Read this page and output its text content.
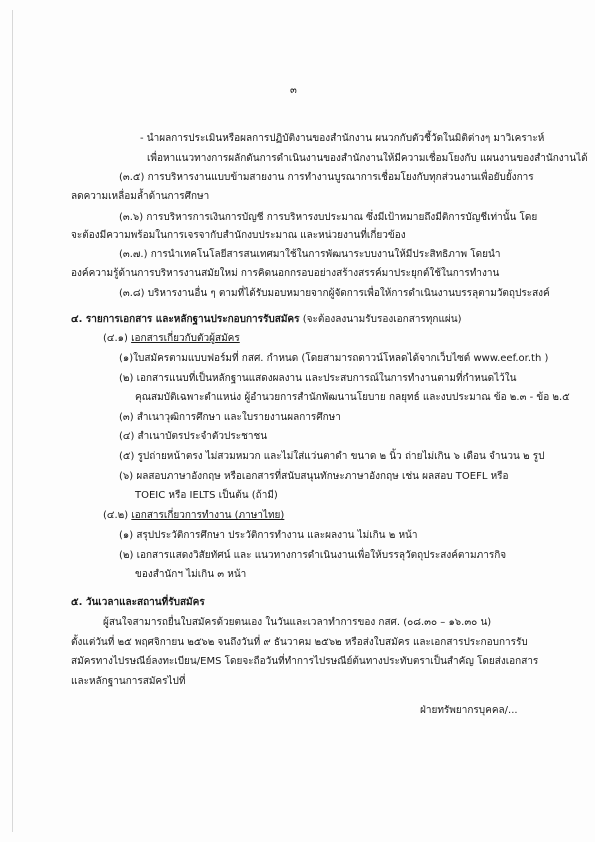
๓
- นำผลการประเมินหรือผลการปฏิบัติงานของสำนักงาน ผนวกกับตัวชี้วัดในมิติต่างๆ มาวิเคราะห์
เพื่อหาแนวทางการผลักดันการดำเนินงานของสำนักงานให้มีความเชื่อมโยงกับ แผนงานของสำนักงานได้
(๓.๕) การบริหารงานแบบข้ามสายงาน การทำงานบูรณาการเชื่อมโยงกับทุกส่วนงานเพื่อยับยั้งการ
ลดความเหลื่อมล้ำด้านการศึกษา
(๓.๖) การบริหารการเงินการบัญชี การบริหารงบประมาณ ซึ่งมีเป้าหมายถึงมีติการบัญชีเท่านั้น โดย
จะต้องมีความพร้อมในการเจรจากับสำนักงบประมาณ และหน่วยงานที่เกี่ยวข้อง
(๓.๗.) การนำเทคโนโลยีสารสนเทศมาใช้ในการพัฒนาระบบงานให้มีประสิทธิภาพ โดยนำ
องค์ความรู้ด้านการบริหารงานสมัยใหม่ การคิดนอกกรอบอย่างสร้างสรรค์มาประยุกต์ใช้ในการทำงาน
(๓.๘) บริหารงานอื่น ๆ ตามที่ได้รับมอบหมายจากผู้จัดการเพื่อให้การดำเนินงานบรรลุตามวัตถุประสงค์
๔. รายการเอกสาร และหลักฐานประกอบการรับสมัคร (จะต้องลงนามรับรองเอกสารทุกแผ่น)
(๔.๑) เอกสารเกี่ยวกับตัวผู้สมัคร
(๑)ใบสมัครตามแบบฟอร์มที่ กสศ. กำหนด (โดยสามารถดาวน์โหลดได้จากเว็บไซต์ www.eef.or.th )
(๒) เอกสารแนบที่เป็นหลักฐานแสดงผลงาน และประสบการณ์ในการทำงานตามที่กำหนดไว้ใน
คุณสมบัติเฉพาะตำแหน่ง ผู้อำนวยการสำนักพัฒนานโยบาย กลยุทธ์ และงบประมาณ ข้อ ๒.๓ - ข้อ ๒.๕
(๓) สำเนาวุฒิการศึกษา และใบรายงานผลการศึกษา
(๔) สำเนาบัตรประจำตัวประชาชน
(๕) รูปถ่ายหน้าตรง ไม่สวมหมวก และไม่ใส่แว่นตาดำ ขนาด ๒ นิ้ว ถ่ายไม่เกิน ๖ เดือน จำนวน ๒ รูป
(๖) ผลสอบภาษาอังกฤษ หรือเอกสารที่สนับสนุนทักษะภาษาอังกฤษ เช่น ผลสอบ TOEFL หรือ
TOEIC หรือ IELTS เป็นต้น (ถ้ามี)
(๔.๒) เอกสารเกี่ยวการทำงาน (ภาษาไทย)
(๑) สรุปประวัติการศึกษา ประวัติการทำงาน และผลงาน ไม่เกิน ๒ หน้า
(๒) เอกสารแสดงวิสัยทัศน์ และ แนวทางการดำเนินงานเพื่อให้บรรลุวัตถุประสงค์ตามภารกิจ
ของสำนักฯ ไม่เกิน ๓ หน้า
๕. วันเวลาและสถานที่รับสมัคร
ผู้สนใจสามารถยื่นใบสมัครด้วยตนเอง ในวันและเวลาทำการของ กสศ. (๐๘.๓๐ – ๑๖.๓๐ น)
ตั้งแต่วันที่ ๒๕ พฤศจิกายน ๒๕๖๒ จนถึงวันที่ ๙ ธันวาคม ๒๕๖๒ หรือส่งใบสมัคร และเอกสารประกอบการรับ
สมัครทางไปรษณีย์ลงทะเบียน/EMS โดยจะถือวันที่ทำการไปรษณีย์ต้นทางประทับตราเป็นสำคัญ โดยส่งเอกสาร
และหลักฐานการสมัครไปที่
ฝ่ายทรัพยากรบุคคล/...
